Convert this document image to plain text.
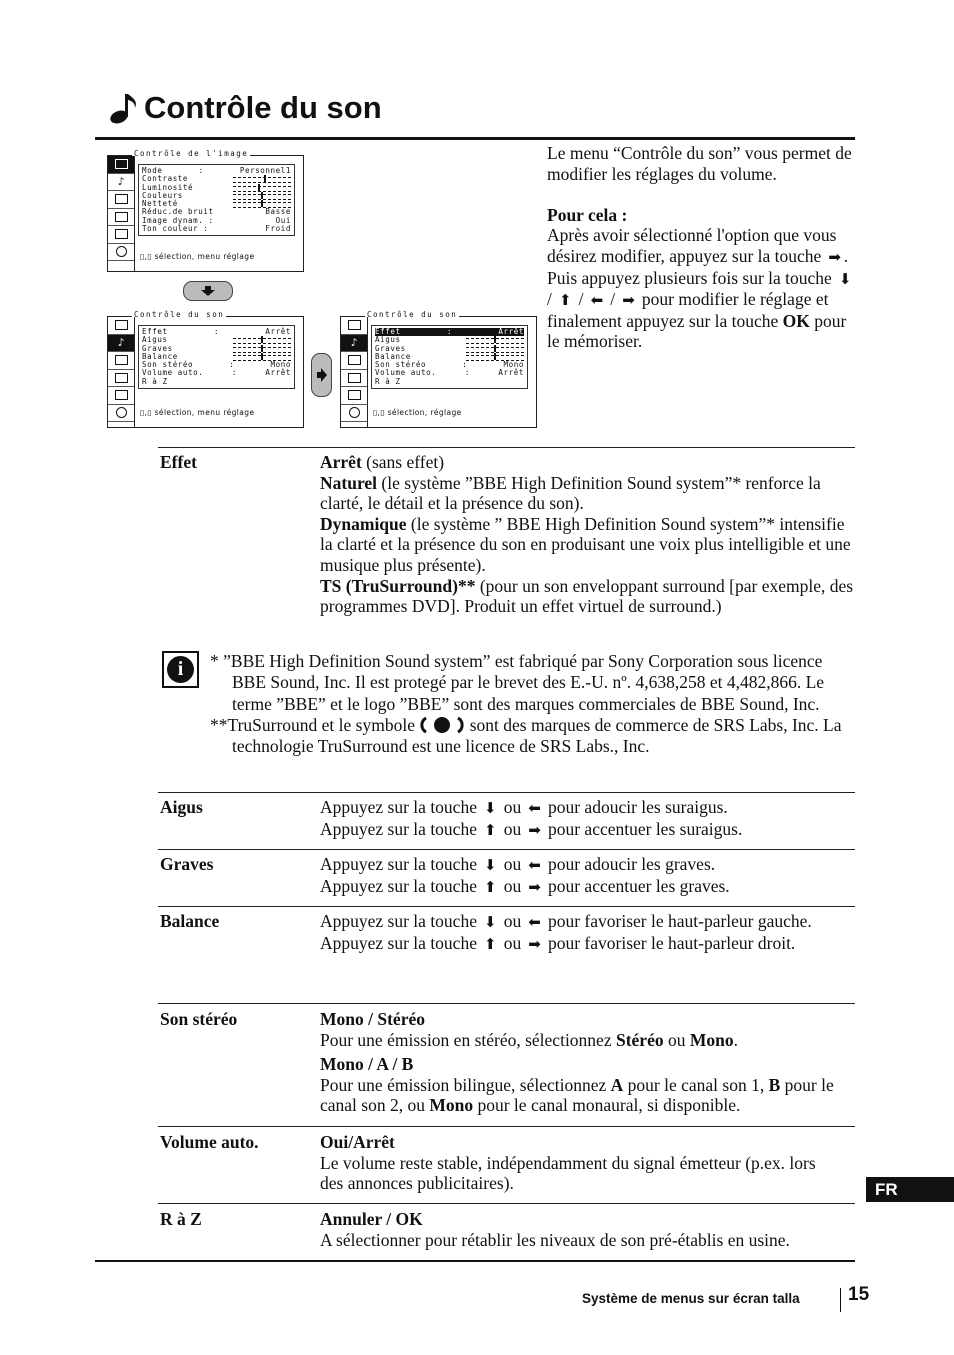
Contrôle du son
Contrôle de l'image
♪
Mode	:	Personnel1
Contraste
Luminosité
Couleurs
Netteté
Réduc.de bruit	Basse
Image dynam. :	Oui
Ton couleur :	Froid
▯,▯ sélection, menu réglage
Contrôle du son
♪
Effet	:	Arrêt
Aigus
Graves
Balance
Son stéréo	:	Mono
Volume auto.	:	Arrêt
R à Z
▯,▯ sélection, menu réglage
Contrôle du son
♪
Effet	:	Arrêt
Aigus
Graves
Balance
Son stéréo	:	Mono
Volume auto.	:	Arrêt
R à Z
▯,▯ sélection, réglage

Le menu “Contrôle du son” vous permet de modifier les réglages du volume.

Pour cela :

Après avoir sélectionné l'option que vous désirez modifier, appuyez sur la touche ➡ . Puis appuyez plusieurs fois sur la touche ⬇ / ⬆ / ⬅ / ➡ pour modifier le réglage et finalement appuyez sur la touche OK pour le mémoriser.

Effet	Arrêt (sans effet)

Naturel (le système ”BBE High Definition Sound system”* renforce la clarté, le détail et la présence du son).

Dynamique (le système ” BBE High Definition Sound system”* intensifie la clarté et la présence du son en produisant une voix plus intelligible et une musique plus présente).

TS (TruSurround)** (pour un son enveloppant surround [par exemple, des programmes DVD]. Produit un effet virtuel de surround.)

i	* ”BBE High Definition Sound system” est fabriqué par Sony Corporation sous licence BBE Sound, Inc. Il est protegé par le brevet des E.-U. nº. 4,638,258 et 4,482,866. Le terme ”BBE” et le logo ”BBE” sont des marques commerciales de BBE Sound, Inc.

**TruSurround et le symbole	sont des marques de commerce de SRS Labs, Inc. La technologie TruSurround est une licence de SRS Labs., Inc.

Aigus	Appuyez sur la touche ⬇ ou ⬅ pour adoucir les suraigus.

Appuyez sur la touche ⬆ ou ➡ pour accentuer les suraigus.

Graves	Appuyez sur la touche ⬇ ou ⬅ pour adoucir les graves.

Appuyez sur la touche ⬆ ou ➡ pour accentuer les graves.

Balance	Appuyez sur la touche ⬇ ou ⬅ pour favoriser le haut-parleur gauche.

Appuyez sur la touche ⬆ ou ➡ pour favoriser le haut-parleur droit.

Son stéréo	Mono / Stéréo

Pour une émission en stéréo, sélectionnez Stéréo ou Mono.

Mono / A / B

Pour une émission bilingue, sélectionnez A pour le canal son 1, B pour le canal son 2, ou Mono pour le canal monaural, si disponible.

Volume auto.	Oui/Arrêt

Le volume reste stable, indépendamment du signal émetteur (p.ex. lors des annonces publicitaires).

R à Z	Annuler / OK

A sélectionner pour rétablir les niveaux de son pré-établis en usine.

FR
Système de menus sur écran talla	15
